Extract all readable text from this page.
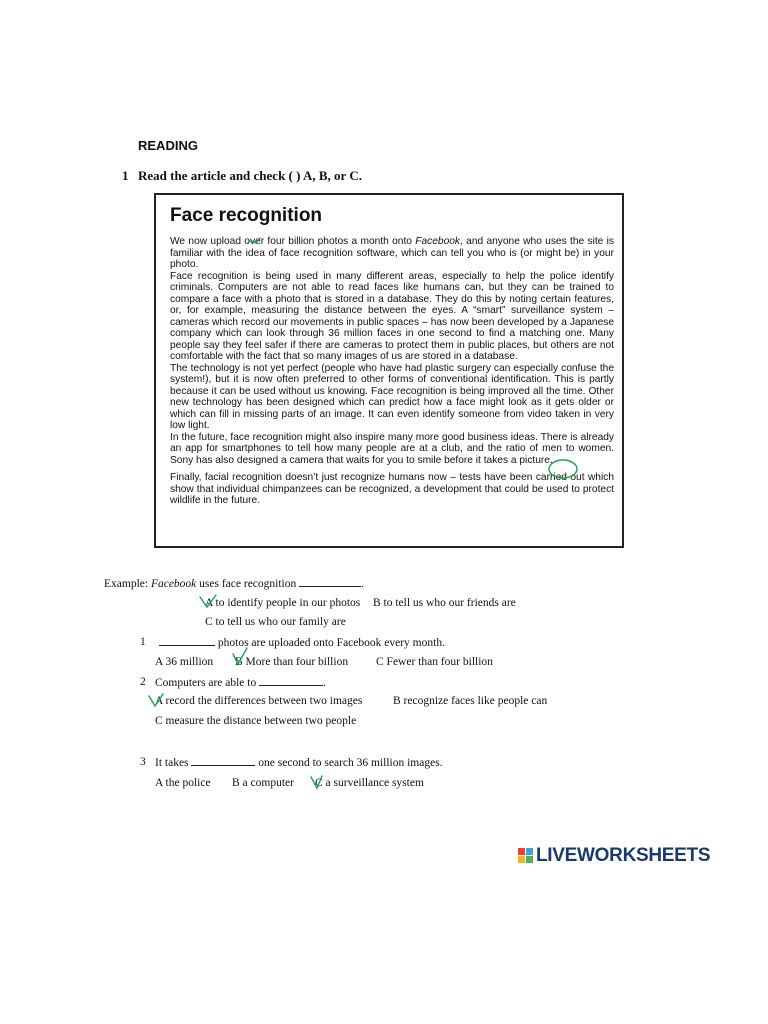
READING
1 Read the article and check ( ) A, B, or C.
Face recognition

We now upload over four billion photos a month onto Facebook, and anyone who uses the site is familiar with the idea of face recognition software, which can tell you who is (or might be) in your photo.

Face recognition is being used in many different areas, especially to help the police identify criminals. Computers are not able to read faces like humans can, but they can be trained to compare a face with a photo that is stored in a database. They do this by noting certain features, or, for example, measuring the distance between the eyes. A “smart” surveillance system – cameras which record our movements in public spaces – has now been developed by a Japanese company which can look through 36 million faces in one second to find a matching one. Many people say they feel safer if there are cameras to protect them in public places, but others are not comfortable with the fact that so many images of us are stored in a database.

The technology is not yet perfect (people who have had plastic surgery can especially confuse the system!), but it is now often preferred to other forms of conventional identification. This is partly because it can be used without us knowing. Face recognition is being improved all the time. Other new technology has been designed which can predict how a face might look as it gets older or which can fill in missing parts of an image. It can even identify someone from video taken in very low light.

In the future, face recognition might also inspire many more good business ideas. There is already an app for smartphones to tell how many people are at a club, and the ratio of men to women. Sony has also designed a camera that waits for you to smile before it takes a picture.

Finally, facial recognition doesn’t just recognize humans now – tests have been carried out which show that individual chimpanzees can be recognized, a development that could be used to protect wildlife in the future.

Example: Facebook uses face recognition	.
A to identify people in our photos B to tell us who our friends are
C to tell us who our family are
1	photos are uploaded onto Facebook every month.
A 36 million B More than four billion C Fewer than four billion
2 Computers are able to	.
A record the differences between two images	B recognize faces like people can
C measure the distance between two people
3 It takes	one second to search 36 million images.
A the police B a computer C a surveillance system
LIVEWORKSHEETS
